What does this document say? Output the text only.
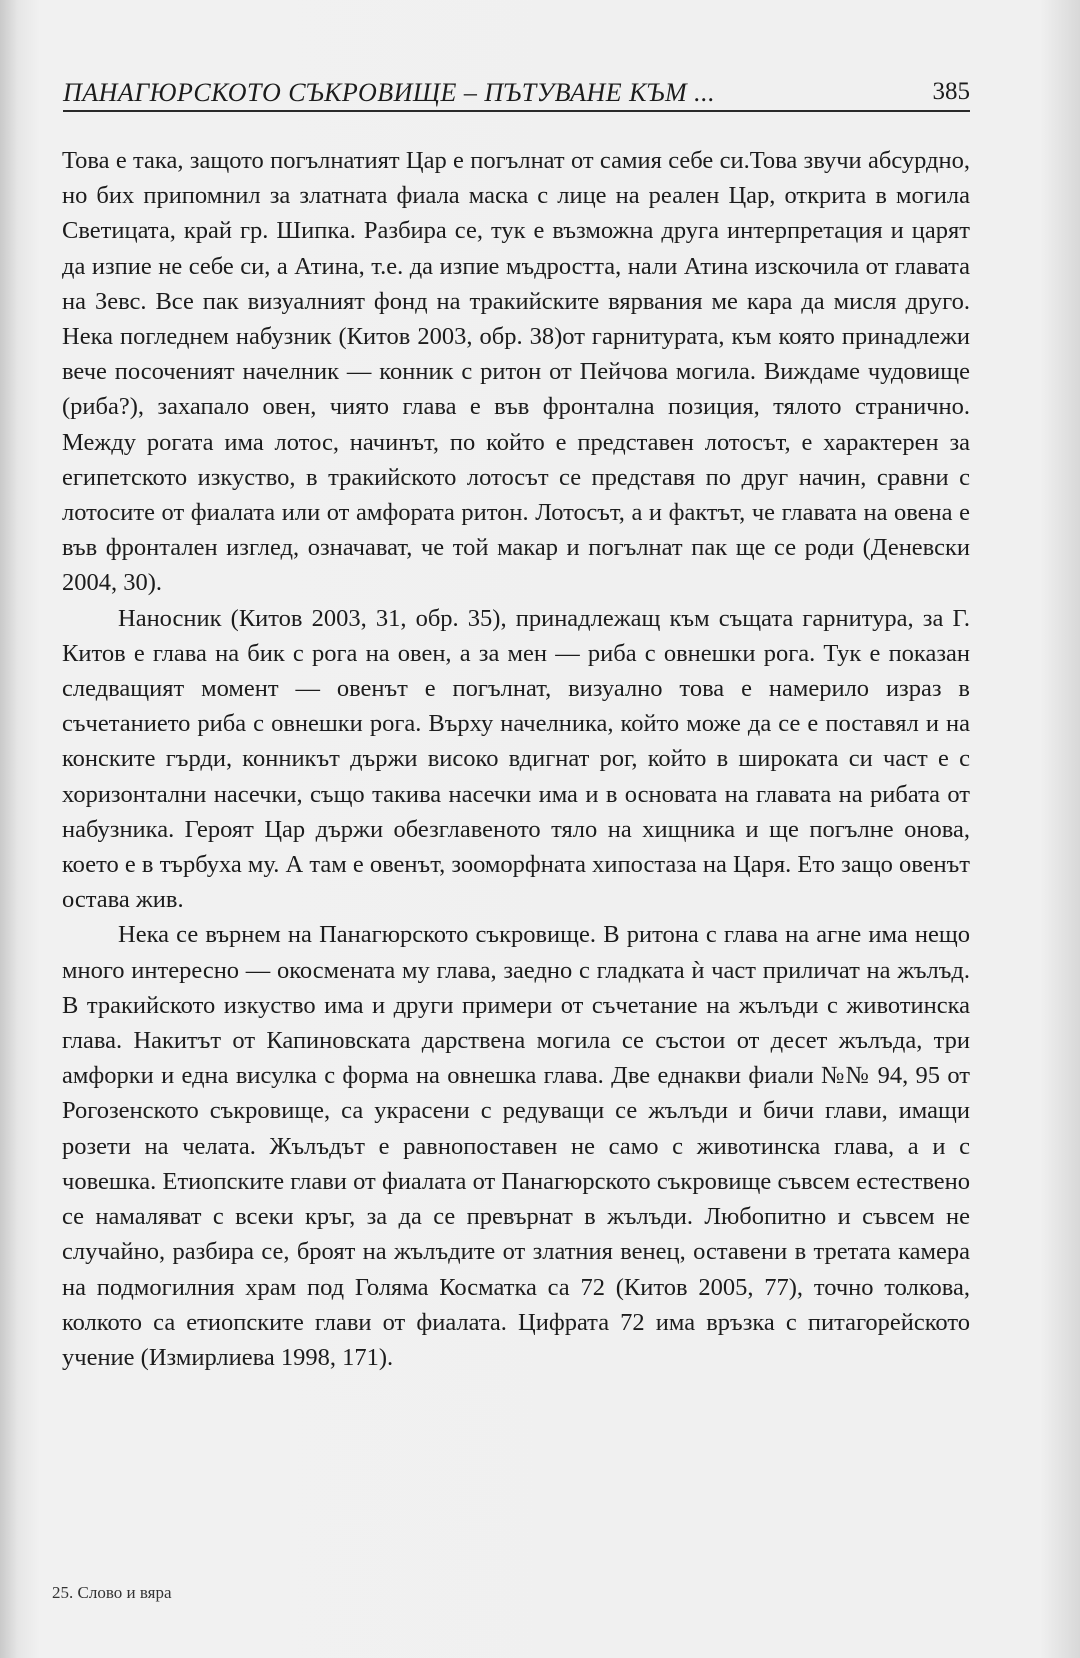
ПАНАГЮРСКОТО СЪКРОВИЩЕ – ПЪТУВАНЕ КЪМ ...	385

Това е така, защото погълнатият Цар е погълнат от самия себе си.Това звучи абсурдно, но бих припомнил за златната фиала маска с лице на реален Цар, открита в могила Светицата, край гр. Шипка. Разбира се, тук е възможна друга интерпретация и царят да изпие не себе си, а Атина, т.е. да изпие мъдростта, нали Атина изскочила от главата на Зевс. Все пак визуалният фонд на тракийските вярвания ме кара да мисля друго. Нека погледнем набузник (Китов 2003, обр. 38)от гарнитурата, към която принадлежи вече посоченият начелник — конник с ритон от Пейчова могила. Виждаме чудовище (риба?), захапало овен, чиято глава е във фронтална позиция, тялото странично. Между рогата има лотос, начинът, по който е представен лотосът, е характерен за египетското изкуство, в тракийското лотосът се представя по друг начин, сравни с лотосите от фиалата или от амфората ритон. Лотосът, а и фактът, че главата на овена е във фронтален изглед, означават, че той макар и погълнат пак ще се роди (Деневски 2004, 30).

Наносник (Китов 2003, 31, обр. 35), принадлежащ към същата гарнитура, за Г. Китов е глава на бик с рога на овен, а за мен — риба с овнешки рога. Тук е показан следващият момент — овенът е погълнат, визуално това е намерило израз в съчетанието риба с овнешки рога. Върху начелника, който може да се е поставял и на конските гърди, конникът държи високо вдигнат рог, който в широката си част е с хоризонтални насечки, също такива насечки има и в основата на главата на рибата от набузника. Героят Цар държи обезглавеното тяло на хищника и ще погълне онова, което е в търбуха му. А там е овенът, зооморфната хипостаза на Царя. Ето защо овенът остава жив.

Нека се върнем на Панагюрското съкровище. В ритона с глава на агне има нещо много интересно — окосмената му глава, заедно с гладката ѝ част приличат на жълъд. В тракийското изкуство има и други примери от съчетание на жълъди с животинска глава. Накитът от Капиновската дарствена могила се състои от десет жълъда, три амфорки и една висулка с форма на овнешка глава. Две еднакви фиали №№ 94, 95 от Рогозенското съкровище, са украсени с редуващи се жълъди и бичи глави, имащи розети на челата. Жълъдът е равнопоставен не само с животинска глава, а и с човешка. Етиопските глави от фиалата от Панагюрското съкровище съвсем естествено се намаляват с всеки кръг, за да се превърнат в жълъди. Любопитно и съвсем не случайно, разбира се, броят на жълъдите от златния венец, оставени в третата камера на подмогилния храм под Голяма Косматка са 72 (Китов 2005, 77), точно толкова, колкото са етиопските глави от фиалата. Цифрата 72 има връзка с питагорейското учение (Измирлиева 1998, 171).

25. Слово и вяра
